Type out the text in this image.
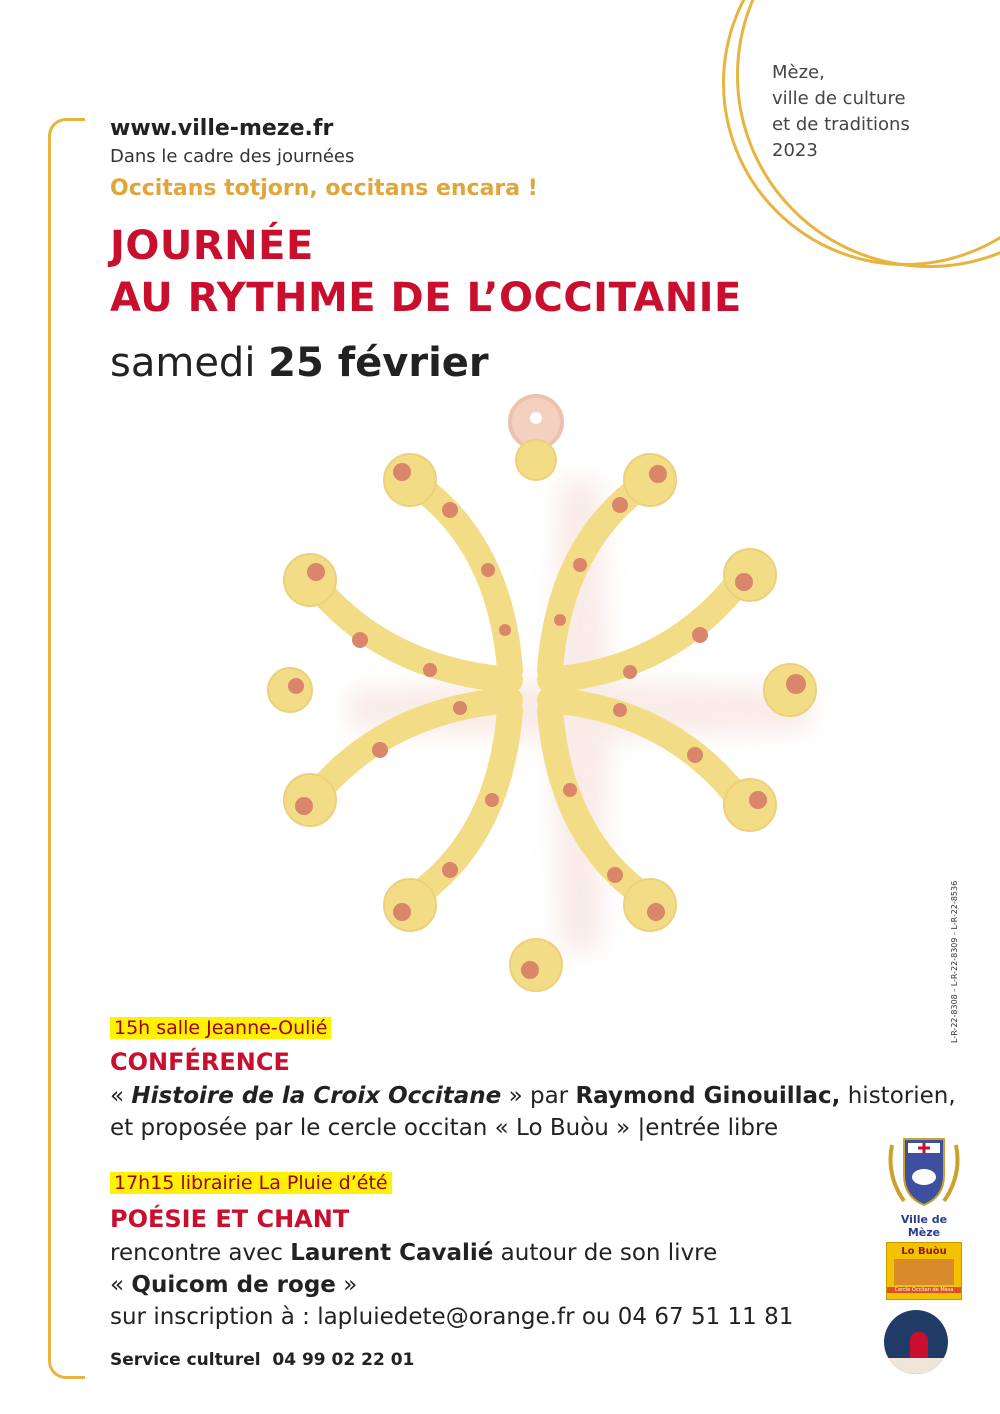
Mèze,
ville de culture
et de traditions
2023
www.ville-meze.fr
Dans le cadre des journées
Occitans totjorn, occitans encara !
JOURNÉE
AU RYTHME DE L’OCCITANIE
samedi 25 février
15h salle Jeanne-Oulié
CONFÉRENCE
« Histoire de la Croix Occitane » par Raymond Ginouillac, historien,
et proposée par le cercle occitan « Lo Buòu » |entrée libre
17h15 librairie La Pluie d’été
POÉSIE ET CHANT
rencontre avec Laurent Cavalié autour de son livre
« Quicom de roge »
sur inscription à : lapluiedete@orange.fr ou 04 67 51 11 81
Service culturel  04 99 02 22 01
L-R-22-8308 - L-R-22-8309 - L-R-22-8536
Ville de Mèze
Lo Buòu
Cercle Occitan de Mèsa
